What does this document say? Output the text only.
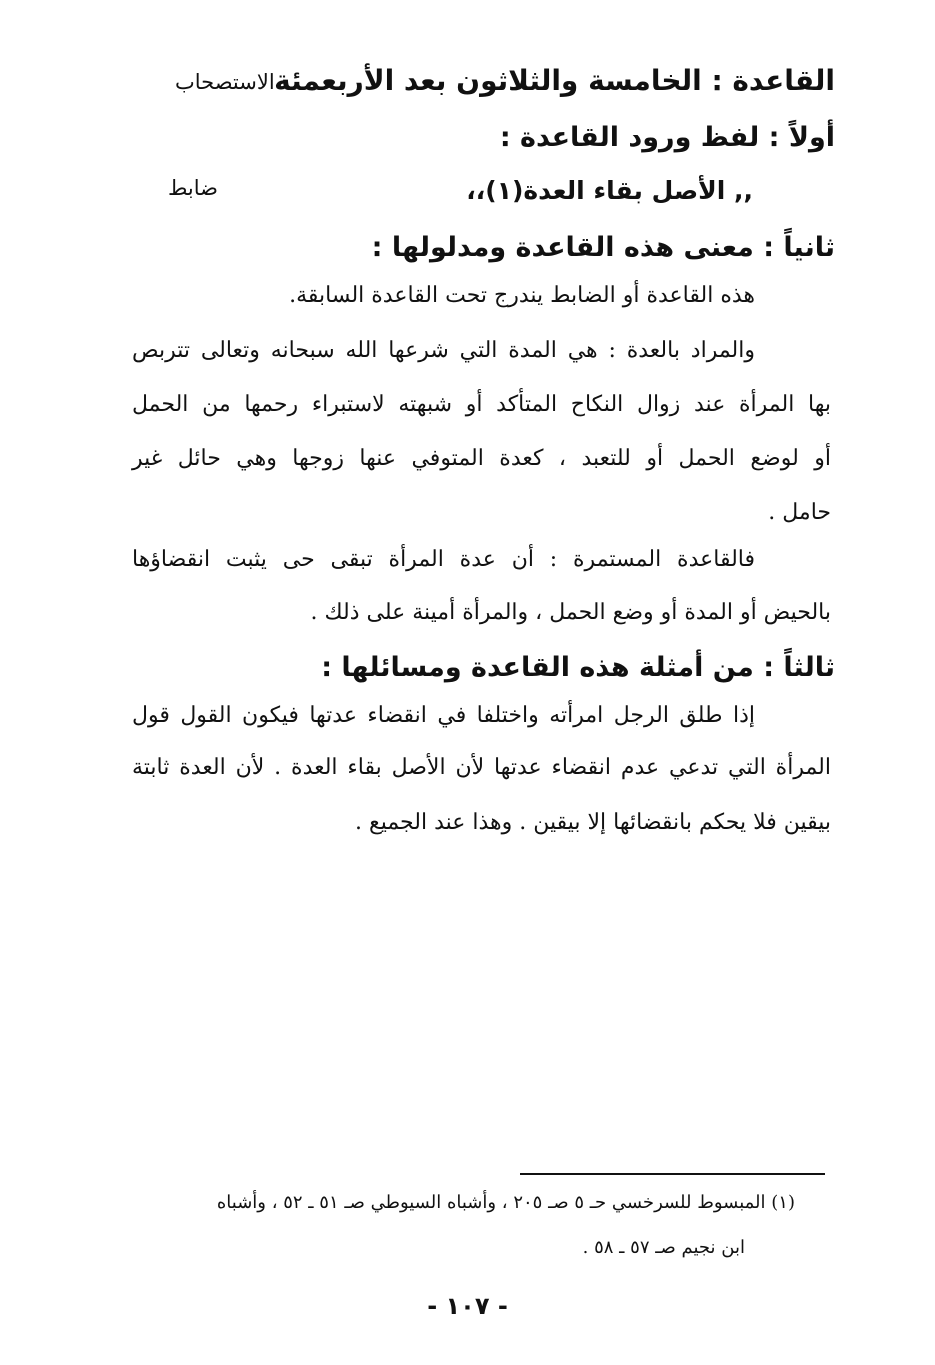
القاعدة : الخامسة والثلاثون بعد الأربعمئة
الاستصحاب
أولاً : لفظ ورود القاعدة :
,, الأصل بقاء العدة(١)،،
ضابط
ثانياً : معنى هذه القاعدة ومدلولها :
هذه القاعدة أو الضابط يندرج تحت القاعدة السابقة.
والمراد بالعدة : هي المدة التي شرعها الله سبحانه وتعالى تتربص
بها المرأة عند زوال النكاح المتأكد أو شبهته لاستبراء رحمها من الحمل
أو لوضع الحمل أو للتعبد ، كعدة المتوفي عنها زوجها وهي حائل غير
حامل .
فالقاعدة المستمرة : أن عدة المرأة تبقى حى يثبت انقضاؤها
بالحيض أو المدة أو وضع الحمل ، والمرأة أمينة على ذلك .
ثالثاً : من أمثلة هذه القاعدة ومسائلها :
إذا طلق الرجل امرأته واختلفا في انقضاء عدتها فيكون القول قول
المرأة التي تدعي عدم انقضاء عدتها لأن الأصل بقاء العدة . لأن العدة ثابتة
بيقين فلا يحكم بانقضائها إلا بيقين . وهذا عند الجميع .
(١) المبسوط للسرخسي حـ ٥ صـ ٢٠٥ ، وأشباه السيوطي صـ ٥١ ـ ٥٢ ، وأشباه
ابن نجيم صـ ٥٧ ـ ٥٨ .
- ١٠٧ -
